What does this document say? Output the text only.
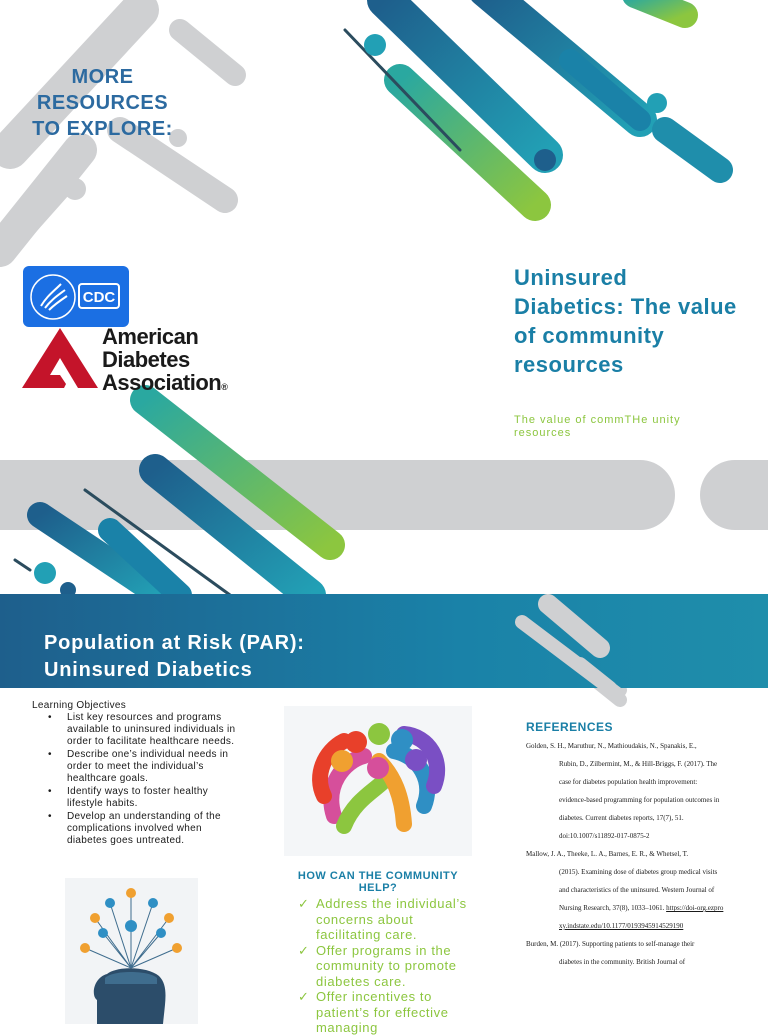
MORE
RESOURCES
TO EXPLORE:
CDC
American
Diabetes
Association®
Uninsured Diabetics: The value of community resources
The value of commTHe unity resources
Population at Risk (PAR):
Uninsured Diabetics
Learning Objectives
• List key resources and programs available to uninsured individuals in order to facilitate healthcare needs.
• Describe one’s individual needs in order to meet the individual’s healthcare goals.
• Identify ways to foster healthy lifestyle habits.
• Develop an understanding of the complications involved when diabetes goes untreated.
HOW CAN THE COMMUNITY HELP?
✓ Address the individual’s concerns about facilitating care.
✓ Offer programs in the community to promote diabetes care.
✓ Offer incentives to patient’s for effective managing
REFERENCES
Golden, S. H., Maruthur, N., Mathioudakis, N., Spanakis, E.,
Rubin, D., Zilbermint, M., & Hill-Briggs, F. (2017). The case for diabetes population health improvement: evidence-based programming for population outcomes in diabetes. Current diabetes reports, 17(7), 51. doi:10.1007/s11892-017-0875-2
Mallow, J. A., Theeke, L. A., Barnes, E. R., & Whetsel, T.
(2015). Examining dose of diabetes group medical visits and characteristics of the uninsured. Western Journal of Nursing Research, 37(8), 1033–1061. https://doi-org.ezproxy.indstate.edu/10.1177/0193945914529190
Burden, M. (2017). Supporting patients to self-manage their
diabetes in the community. British Journal of
